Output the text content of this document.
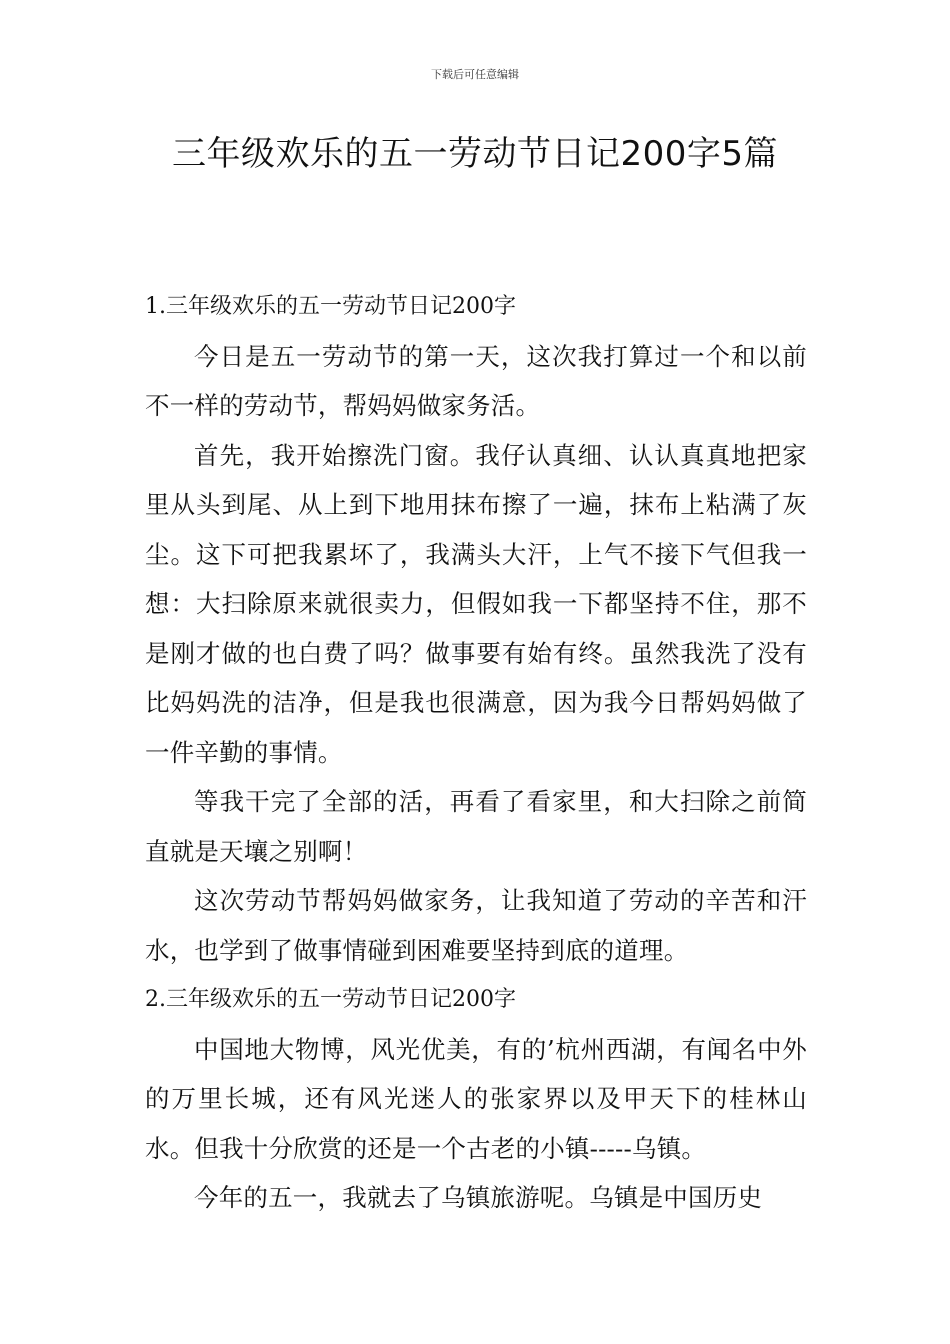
下载后可任意编辑
三年级欢乐的五一劳动节日记200字5篇
1.三年级欢乐的五一劳动节日记200字

今日是五一劳动节的第一天，这次我打算过一个和以前不一样的劳动节，帮妈妈做家务活。

首先，我开始擦洗门窗。我仔认真细、认认真真地把家里从头到尾、从上到下地用抹布擦了一遍，抹布上粘满了灰尘。这下可把我累坏了，我满头大汗，上气不接下气但我一想：大扫除原来就很卖力，但假如我一下都坚持不住，那不是刚才做的也白费了吗？做事要有始有终。虽然我洗了没有比妈妈洗的洁净，但是我也很满意，因为我今日帮妈妈做了一件辛勤的事情。

等我干完了全部的活，再看了看家里，和大扫除之前简直就是天壤之别啊！

这次劳动节帮妈妈做家务，让我知道了劳动的辛苦和汗水，也学到了做事情碰到困难要坚持到底的道理。

2.三年级欢乐的五一劳动节日记200字

中国地大物博，风光优美，有的’杭州西湖，有闻名中外的万里长城，还有风光迷人的张家界以及甲天下的桂林山水。但我十分欣赏的还是一个古老的小镇-----乌镇。

今年的五一，我就去了乌镇旅游呢。乌镇是中国历史
